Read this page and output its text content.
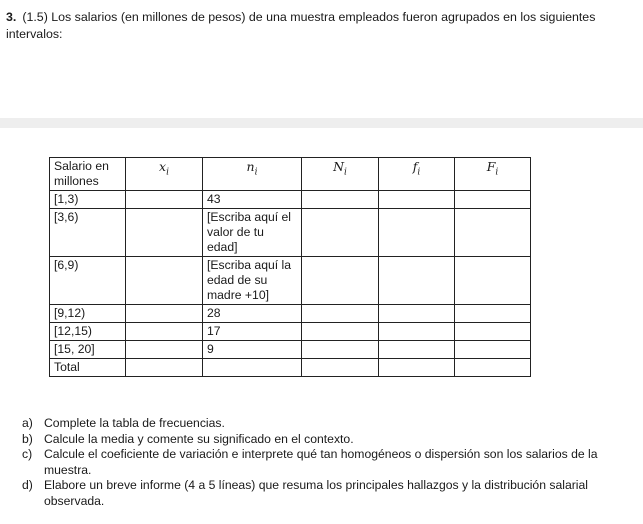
3. (1.5) Los salarios (en millones de pesos) de una muestra empleados fueron agrupados en los siguientes intervalos:
Salario en millones	$x_i$	$n_i$	$N_i$	$f_i$	$F_i$
[1,3)		43			
[3,6)		[Escriba aquí el valor de tu edad]			
[6,9)		[Escriba aquí la edad de su madre +10]			
[9,12)		28			
[12,15)		17			
[15, 20]		9			
Total					
a) Complete la tabla de frecuencias.
b) Calcule la media y comente su significado en el contexto.
c) Calcule el coeficiente de variación e interprete qué tan homogéneos o dispersión son los salarios de la muestra.
d) Elabore un breve informe (4 a 5 líneas) que resuma los principales hallazgos y la distribución salarial observada.
